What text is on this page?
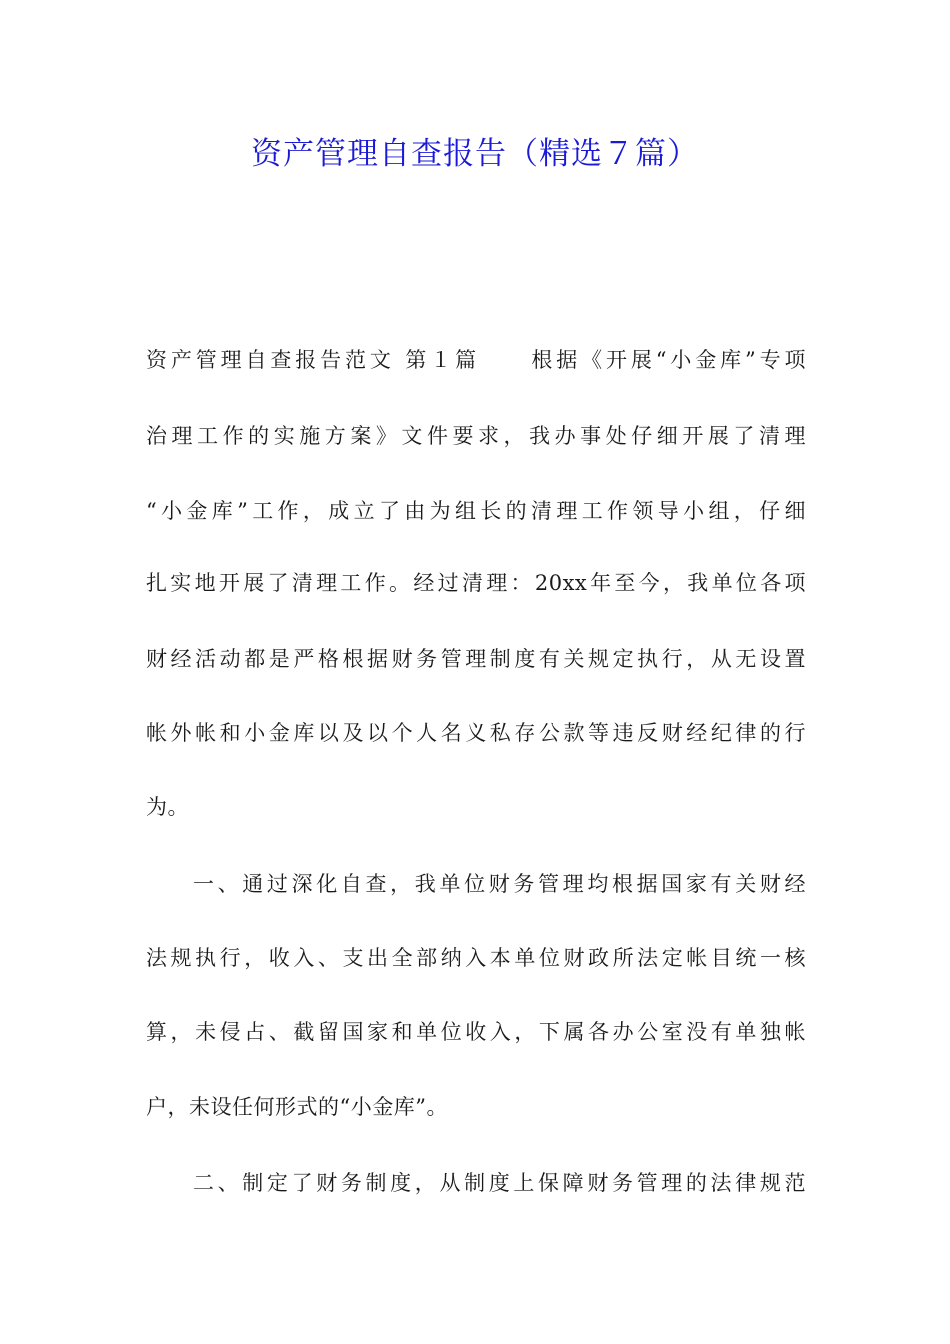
资产管理自查报告（精选７篇）
资产管理自查报告范文 第１篇 根据《开展“小金库”专项
治理工作的实施方案》文件要求，我办事处仔细开展了清理
“小金库”工作，成立了由为组长的清理工作领导小组，仔细
扎实地开展了清理工作。经过清理：20xx年至今，我单位各项
财经活动都是严格根据财务管理制度有关规定执行，从无设置
帐外帐和小金库以及以个人名义私存公款等违反财经纪律的行
为。
一、通过深化自查，我单位财务管理均根据国家有关财经
法规执行，收入、支出全部纳入本单位财政所法定帐目统一核
算，未侵占、截留国家和单位收入，下属各办公室没有单独帐
户，未设任何形式的“小金库”。
二、制定了财务制度，从制度上保障财务管理的法律规范
